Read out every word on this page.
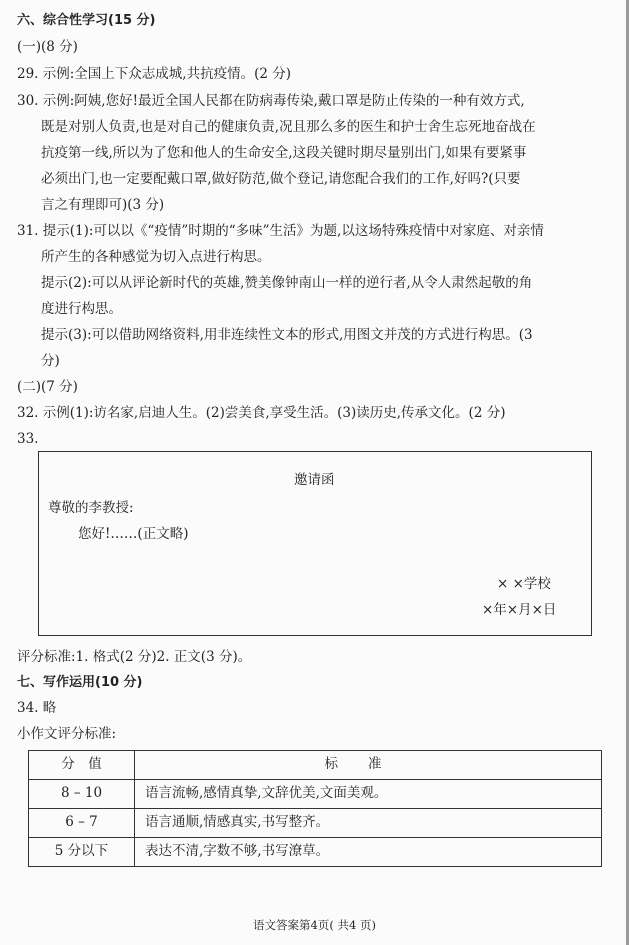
六、综合性学习(15 分)
(一)(8 分)
29. 示例:全国上下众志成城,共抗疫情。(2 分)
30. 示例:阿姨,您好!最近全国人民都在防病毒传染,戴口罩是防止传染的一种有效方式,
既是对别人负责,也是对自己的健康负责,况且那么多的医生和护士舍生忘死地奋战在
抗疫第一线,所以为了您和他人的生命安全,这段关键时期尽量别出门,如果有要紧事
必须出门,也一定要配戴口罩,做好防范,做个登记,请您配合我们的工作,好吗?(只要
言之有理即可)(3 分)
31. 提示(1):可以以《“疫情”时期的“多味”生活》为题,以这场特殊疫情中对家庭、对亲情
所产生的各种感觉为切入点进行构思。
提示(2):可以从评论新时代的英雄,赞美像钟南山一样的逆行者,从令人肃然起敬的角
度进行构思。
提示(3):可以借助网络资料,用非连续性文本的形式,用图文并茂的方式进行构思。(3
分)
(二)(7 分)
32. 示例(1):访名家,启迪人生。(2)尝美食,享受生活。(3)读历史,传承文化。(2 分)
33.
邀请函
尊敬的李教授:
您好!……(正文略)
× ×学校
×年×月×日
评分标准:1. 格式(2 分)2. 正文(3 分)。
七、写作运用(10 分)
34. 略
小作文评分标准:
分　值	标准
8 – 10	语言流畅,感情真挚,文辞优美,文面美观。
6 – 7	语言通顺,情感真实,书写整齐。
5 分以下	表达不清,字数不够,书写潦草。
语文答案第4页( 共4 页)
